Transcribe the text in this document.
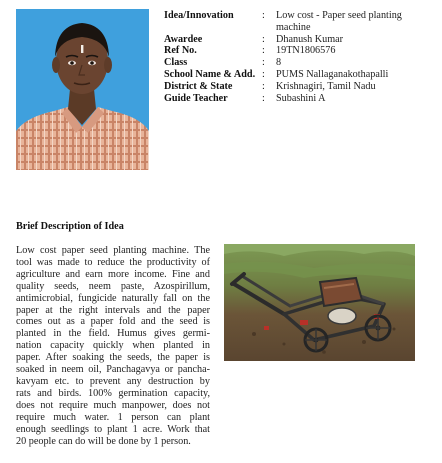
Idea/Innovation	:	Low cost - Paper seed planting machine
Awardee	:	Dhanush Kumar
Ref No.	:	19TN1806576
Class	:	8
School Name & Add. :	PUMS Nallaganakothapalli
District & State	:	Krishnagiri, Tamil Nadu
Guide Teacher	:	Subashini A
Brief Description of Idea

Low cost paper seed planting machine. The
tool was made to reduce the productivity of
agriculture and earn more income. Fine and
quality seeds, neem paste, Azospirillum,
antimicrobial, fungicide naturally fall on the
paper at the right intervals and the paper
comes out as a paper fold and the seed is
planted in the field. Humus gives germi-
nation capacity quickly when planted in
paper. After soaking the seeds, the paper is
soaked in neem oil, Panchagavya or pancha-
kavyam etc. to prevent any destruction by
rats and birds. 100% germination capacity,
does not require much manpower, does not
require much water. 1 person can plant
enough seedlings to plant 1 acre. Work that
20 people can do will be done by 1 person.
